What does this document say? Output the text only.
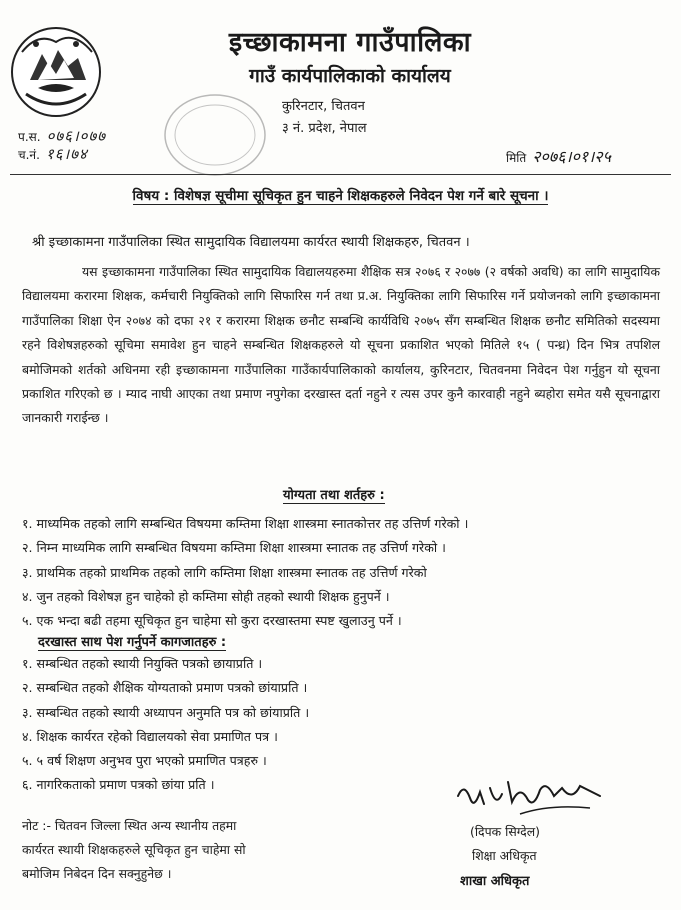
इच्छाकामना गाउँपालिका
गाउँ कार्यपालिकाको कार्यालय
कुरिनटार, चितवन
३ नं. प्रदेश, नेपाल
प.स. ०७६।०७७
च.नं. १६।७४	मिति २०७६।०१।२५
विषय : विशेषज्ञ सूचीमा सूचिकृत हुन चाहने शिक्षकहरुले निवेदन पेश गर्ने बारे सूचना ।
श्री इच्छाकामना गाउँपालिका स्थित सामुदायिक विद्यालयमा कार्यरत स्थायी शिक्षकहरु, चितवन ।
यस इच्छाकामना गाउँपालिका स्थित सामुदायिक विद्यालयहरुमा शैक्षिक सत्र २०७६ र २०७७ (२ वर्षको अवधि) का लागि सामुदायिक विद्यालयमा करारमा शिक्षक, कर्मचारी नियुक्तिको लागि सिफारिस गर्न तथा प्र.अ. नियुक्तिका लागि सिफारिस गर्ने प्रयोजनको लागि इच्छाकामना गाउँपालिका शिक्षा ऐन २०७४ को दफा २१ र करारमा शिक्षक छनौट सम्बन्धि कार्यविधि २०७५ सँग सम्बन्धित शिक्षक छनौट समितिको सदस्यमा रहने विशेषज्ञहरुको सूचिमा समावेश हुन चाहने सम्बन्धित शिक्षकहरुले यो सूचना प्रकाशित भएको मितिले १५ ( पन्ध्र) दिन भित्र तपशिल बमोजिमको शर्तको अधिनमा रही इच्छाकामना गाउँपालिका गाउँकार्यपालिकाको कार्यालय, कुरिनटार, चितवनमा निवेदन पेश गर्नुहुन यो सूचना प्रकाशित गरिएको छ । म्याद नाघी आएका तथा प्रमाण नपुगेका दरखास्त दर्ता नहुने र त्यस उपर कुनै कारवाही नहुने ब्यहोरा समेत यसै सूचनाद्वारा जानकारी गराईन्छ ।
योग्यता तथा शर्तहरु :
१. माध्यमिक तहको लागि सम्बन्धित विषयमा कम्तिमा शिक्षा शास्त्रमा स्नातकोत्तर तह उत्तिर्ण गरेको ।
२. निम्न माध्यमिक लागि सम्बन्धित विषयमा कम्तिमा शिक्षा शास्त्रमा स्नातक तह उत्तिर्ण गरेको ।
३. प्राथमिक तहको प्राथमिक तहको लागि कम्तिमा शिक्षा शास्त्रमा स्नातक तह उत्तिर्ण गरेको
४. जुन तहको विशेषज्ञ हुन चाहेको हो कम्तिमा सोही तहको स्थायी शिक्षक हुनुपर्ने ।
५. एक भन्दा बढी तहमा सूचिकृत हुन चाहेमा सो कुरा दरखास्तमा स्पष्ट खुलाउनु पर्ने ।
दरखास्त साथ पेश गर्नुपर्ने कागजातहरु :
१. सम्बन्धित तहको स्थायी नियुक्ति पत्रको छायाप्रति ।
२. सम्बन्धित तहको शैक्षिक योग्यताको प्रमाण पत्रको छांयाप्रति ।
३. सम्बन्धित तहको स्थायी अध्यापन अनुमति पत्र को छांयाप्रति ।
४. शिक्षक कार्यरत रहेको विद्यालयको सेवा प्रमाणित पत्र ।
५. ५ वर्ष शिक्षण अनुभव पुरा भएको प्रमाणित पत्रहरु ।
६. नागरिकताको प्रमाण पत्रको छांया प्रति ।
नोट :- चितवन जिल्ला स्थित अन्य स्थानीय तहमा
कार्यरत स्थायी शिक्षकहरुले सूचिकृत हुन चाहेमा सो
बमोजिम निबेदन दिन सक्नुहुनेछ ।
(दिपक सिग्देल)
शिक्षा अधिकृत
शाखा अधिकृत
